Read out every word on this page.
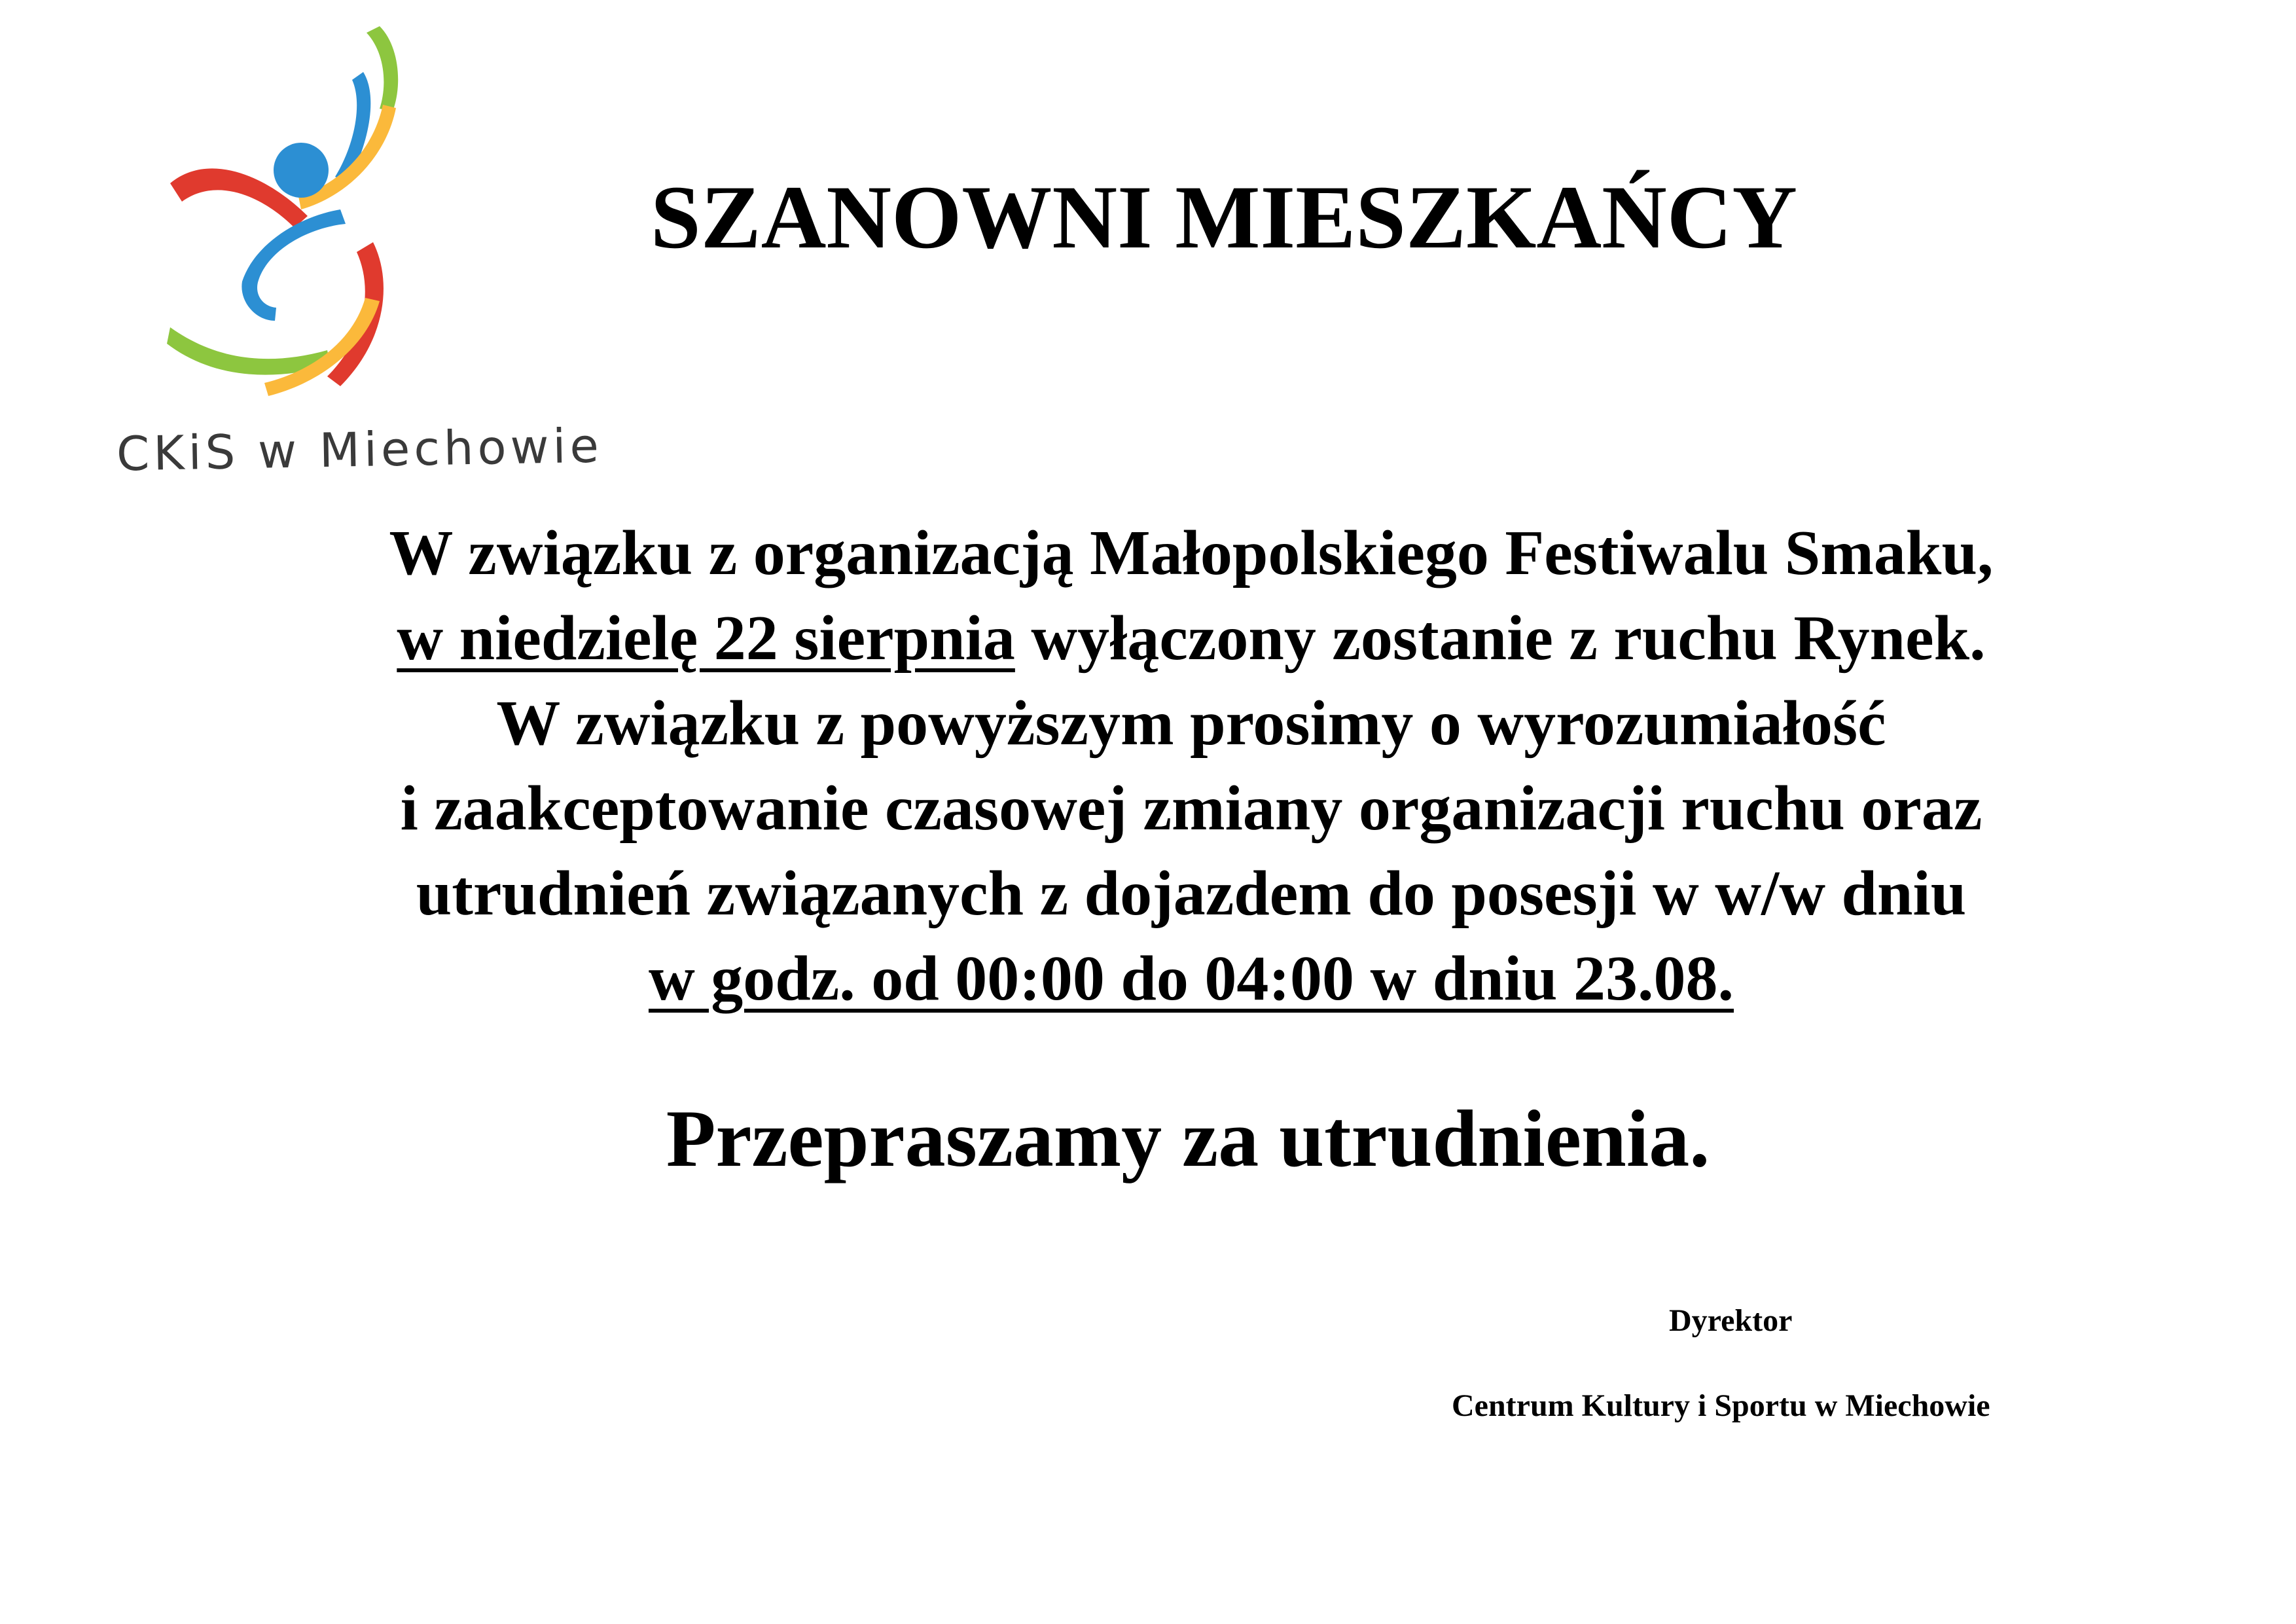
CKiS w Miechowie
SZANOWNI MIESZKAŃCY
W związku z organizacją Małopolskiego Festiwalu Smaku,
w niedzielę 22 sierpnia wyłączony zostanie z ruchu Rynek.
W związku z powyższym prosimy o wyrozumiałość
i zaakceptowanie czasowej zmiany organizacji ruchu oraz
utrudnień związanych z dojazdem do posesji w w/w dniu
w godz. od 00:00 do 04:00 w dniu 23.08.
Przepraszamy za utrudnienia.
Dyrektor
Centrum Kultury i Sportu w Miechowie
